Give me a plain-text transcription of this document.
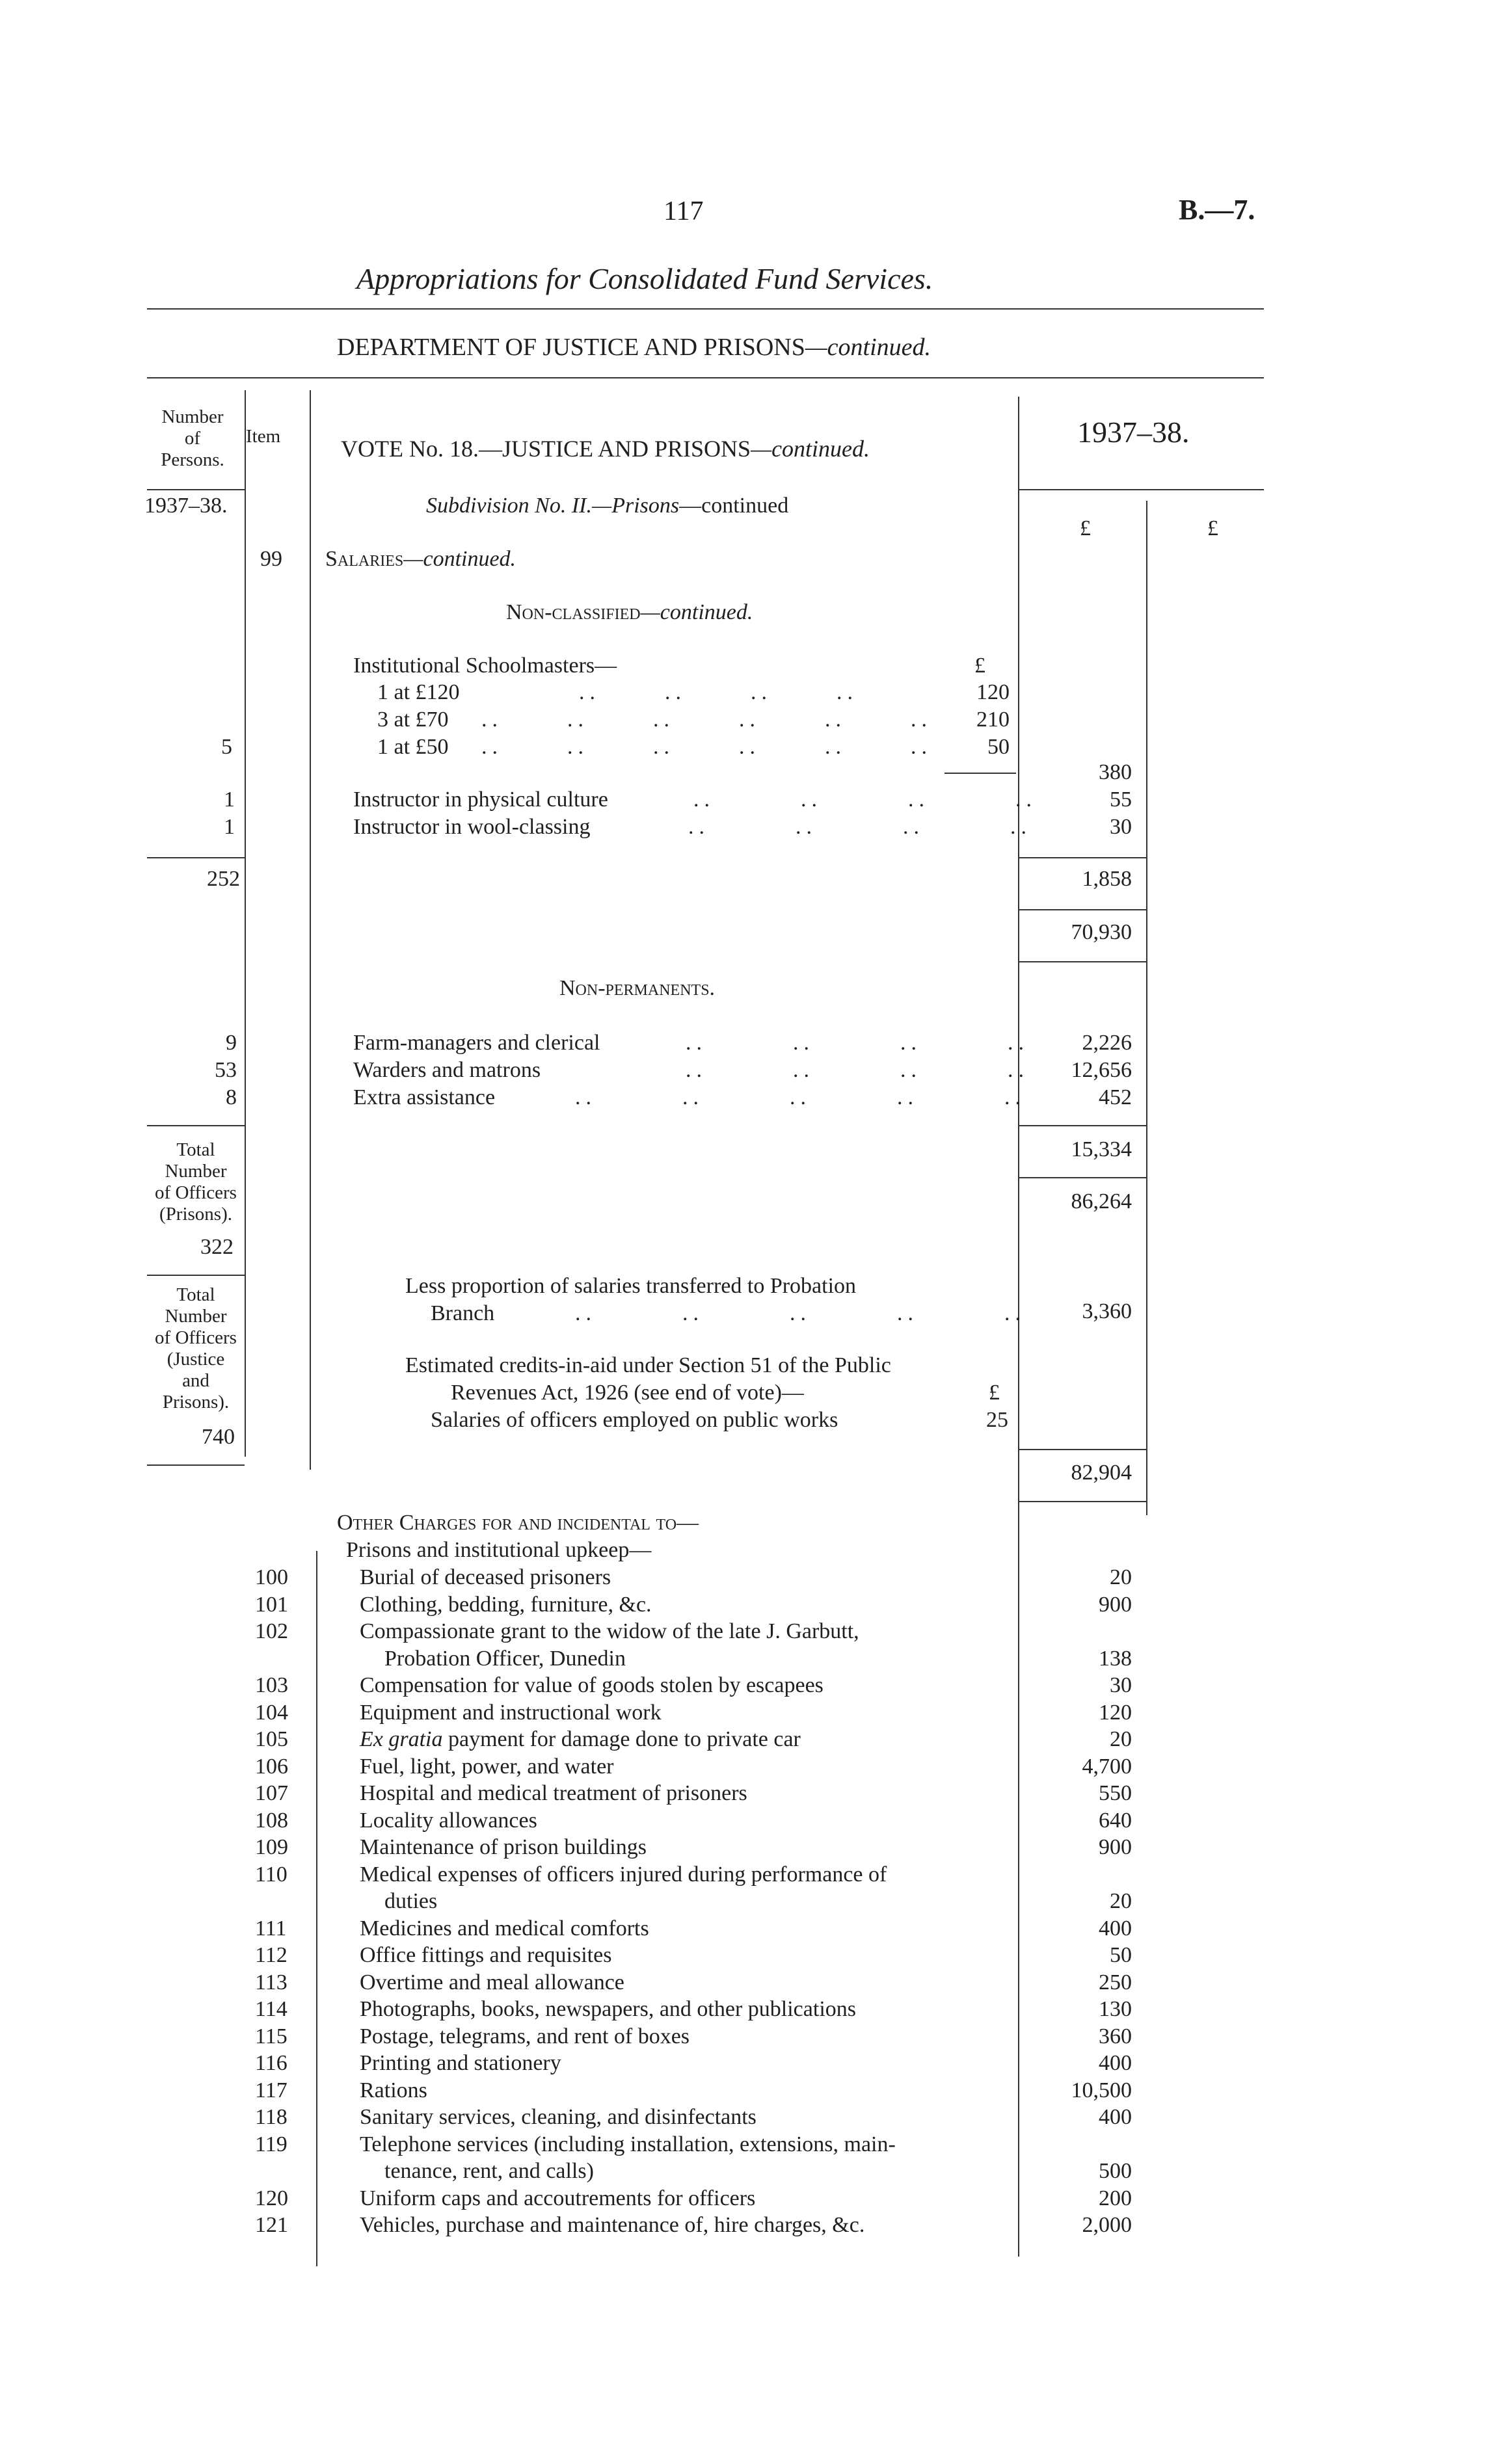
117	B.—7.
Appropriations for Consolidated Fund Services.
DEPARTMENT OF JUSTICE AND PRISONS—continued.
Number
of
Persons.
Item	VOTE No. 18.—JUSTICE AND PRISONS—continued.	1937–38.
1937–38.	Subdivision No. II.—Prisons—continued
£	£
99 Salaries—continued.
Non-classified—continued.
Institutional Schoolmasters—	£
1 at £120	..      ..      ..      ..	120
3 at £70 ..      ..      ..      ..      ..      .. 210
5	1 at £50 ..      ..      ..      ..      ..      ..	50
380
1	Instructor in physical culture	..        ..        ..        ..	55
1	Instructor in wool-classing	..        ..        ..        ..	30
252	1,858
70,930
Non-permanents.
9	Farm-managers and clerical	..        ..        ..        ..	2,226
53	Warders and matrons	..        ..        ..        ..	12,656
8	Extra assistance	..        ..        ..        ..        ..	452
15,334
Total
Number
of Officers
(Prisons).
322
86,264
Less proportion of salaries transferred to Probation
Branch	..        ..        ..        ..        ..	3,360
Total
Number
of Officers
(Justice
and
Prisons).
740
Estimated credits-in-aid under Section 51 of the Public
Revenues Act, 1926 (see end of vote)—	£
Salaries of officers employed on public works	25
82,904
Other Charges for and incidental to—
Prisons and institutional upkeep—
100	Burial of deceased prisoners	20
101	Clothing, bedding, furniture, &c.	900
102	Compassionate grant to the widow of the late J. Garbutt,
Probation Officer, Dunedin	138
103	Compensation for value of goods stolen by escapees	30
104	Equipment and instructional work	120
105	Ex gratia payment for damage done to private car	20
106	Fuel, light, power, and water	4,700
107	Hospital and medical treatment of prisoners	550
108	Locality allowances	640
109	Maintenance of prison buildings	900
110	Medical expenses of officers injured during performance of
duties	20
111	Medicines and medical comforts	400
112	Office fittings and requisites	50
113	Overtime and meal allowance	250
114	Photographs, books, newspapers, and other publications	130
115	Postage, telegrams, and rent of boxes	360
116	Printing and stationery	400
117	Rations	10,500
118	Sanitary services, cleaning, and disinfectants	400
119	Telephone services (including installation, extensions, main-
tenance, rent, and calls)	500
120	Uniform caps and accoutrements for officers	200
121	Vehicles, purchase and maintenance of, hire charges, &c.	2,000
